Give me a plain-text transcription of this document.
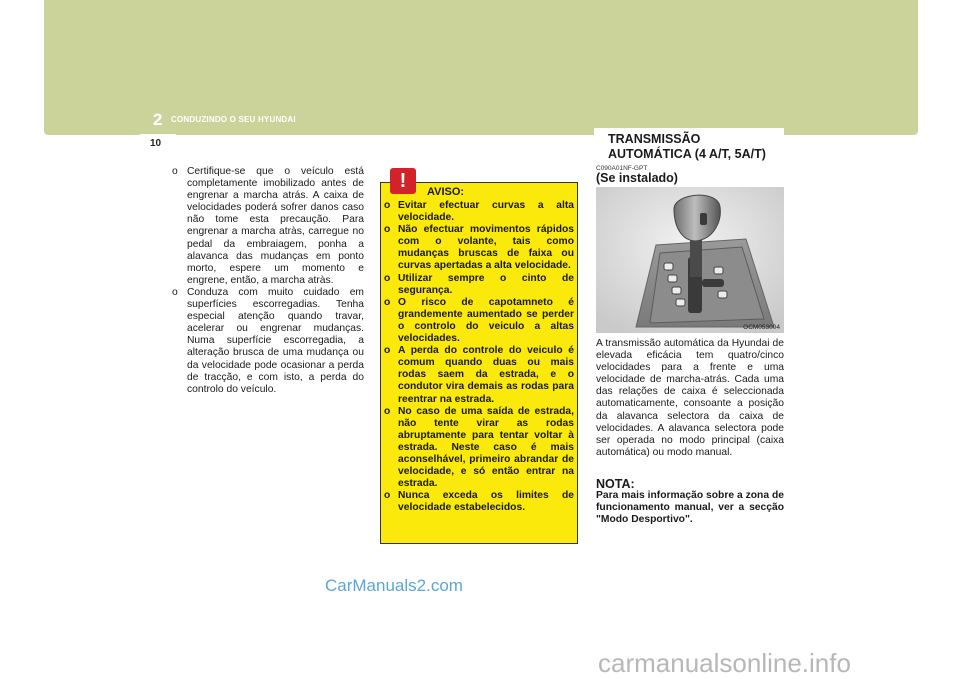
2 CONDUZINDO O SEU HYUNDAI
10	TRANSMISSÃO
AUTOMÁTICA (4 A/T, 5A/T)
o Certifique-se que o veículo está completamente imobilizado antes de engrenar a marcha atrás. A caixa de velocidades poderá sofrer danos caso não tome esta precaução. Para engrenar a marcha atràs, carregue no pedal da embraiagem, ponha a alavanca das mudanças em ponto morto, espere um momento e engrene, então, a marcha atràs.
o Conduza com muito cuidado em superfícies escorregadias. Tenha especial atenção quando travar, acelerar ou engrenar mudanças. Numa superfície escorregadia, a alteração brusca de uma mudança ou da velocidade pode ocasionar a perda de tracção, e com isto, a perda do controlo do veículo.
!	AVISO:
o Evitar efectuar curvas a alta velocidade.
o Não efectuar movimentos rápidos com o volante, tais como mudanças bruscas de faixa ou curvas apertadas a alta velocidade.
o Utilizar sempre o cinto de segurança.
o O risco de capotamneto é grandemente aumentado se perder o controlo do veiculo a altas velocidades.
o A perda do controle do veiculo é comum quando duas ou mais rodas saem da estrada, e o condutor vira demais as rodas para reentrar na estrada.
o No caso de uma saída de estrada, não tente virar as rodas abruptamente para tentar voltar à estrada. Neste caso é mais aconselhável, primeiro abrandar de velocidade, e só então entrar na estrada.
o Nunca exceda os limites de velocidade estabelecidos.
C090A01NF-GPT
(Se instalado)
OCM053004
A transmissão automática da Hyundai de elevada eficácia tem quatro/cinco velocidades para a frente e uma velocidade de marcha-atrás. Cada uma das relações de caixa é seleccionada automaticamente, consoante a posição da alavanca selectora da caixa de velocidades. A alavanca selectora pode ser operada no modo principal (caixa automática) ou modo manual.
NOTA:
Para mais informação sobre a zona de funcionamento manual, ver a secção "Modo Desportivo".
CarManuals2.com
carmanualsonline.info
